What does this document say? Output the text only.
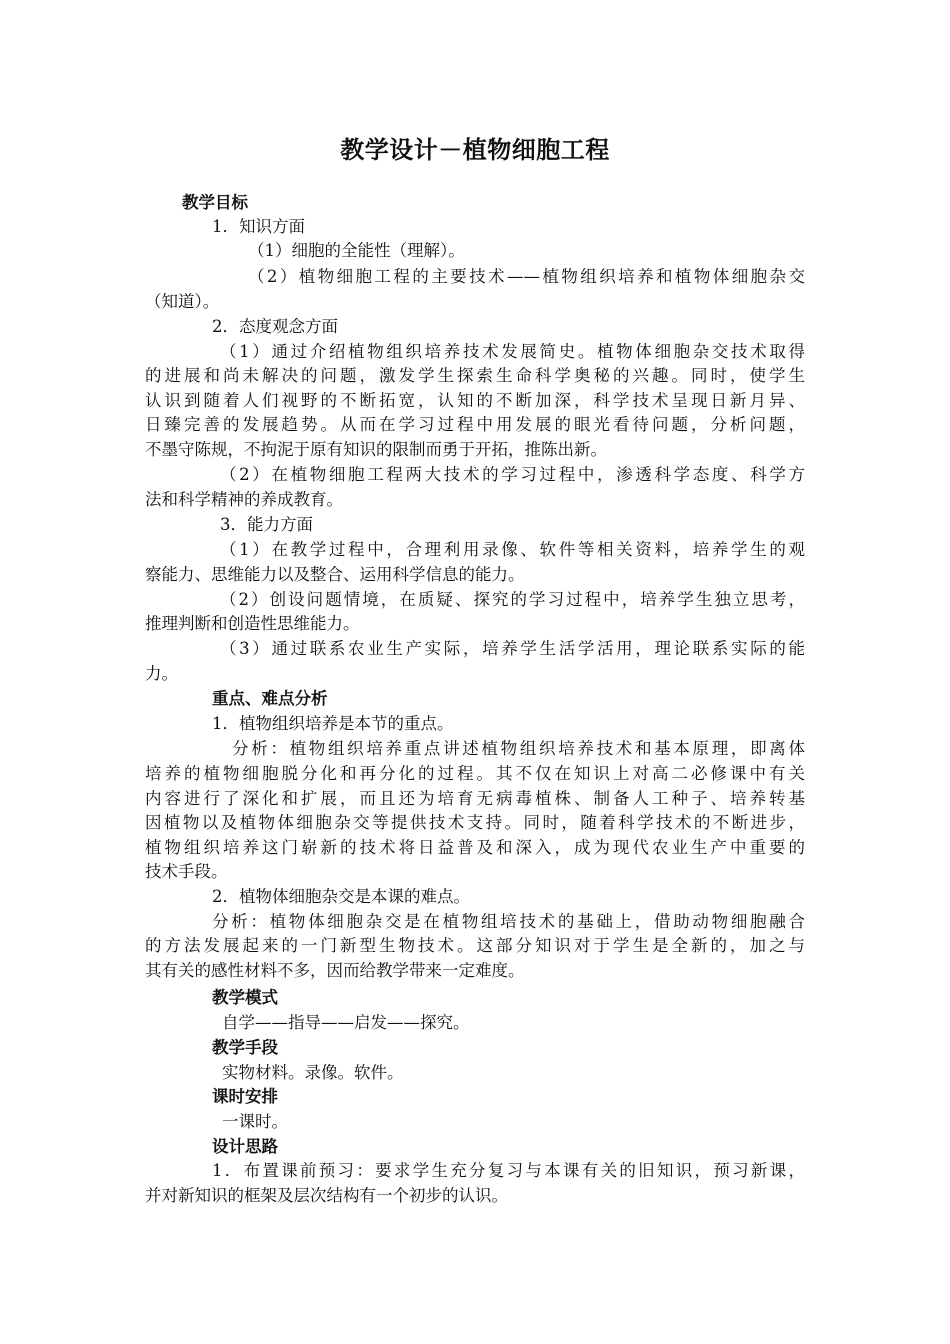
教学设计－植物细胞工程
教学目标
1．知识方面
（1）细胞的全能性（理解）。
（2）植物细胞工程的主要技术——植物组织培养和植物体细胞杂交
（知道）。
2．态度观念方面
（1）通过介绍植物组织培养技术发展简史。植物体细胞杂交技术取得
的进展和尚未解决的问题，激发学生探索生命科学奥秘的兴趣。同时，使学生
认识到随着人们视野的不断拓宽，认知的不断加深，科学技术呈现日新月异、
日臻完善的发展趋势。从而在学习过程中用发展的眼光看待问题，分析问题，
不墨守陈规，不拘泥于原有知识的限制而勇于开拓，推陈出新。
（2）在植物细胞工程两大技术的学习过程中，渗透科学态度、科学方
法和科学精神的养成教育。
3．能力方面
（1）在教学过程中，合理利用录像、软件等相关资料，培养学生的观
察能力、思维能力以及整合、运用科学信息的能力。
（2）创设问题情境，在质疑、探究的学习过程中，培养学生独立思考，
推理判断和创造性思维能力。
（3）通过联系农业生产实际，培养学生活学活用，理论联系实际的能
力。
重点、难点分析
1．植物组织培养是本节的重点。
分析：植物组织培养重点讲述植物组织培养技术和基本原理，即离体
培养的植物细胞脱分化和再分化的过程。其不仅在知识上对高二必修课中有关
内容进行了深化和扩展，而且还为培育无病毒植株、制备人工种子、培养转基
因植物以及植物体细胞杂交等提供技术支持。同时，随着科学技术的不断进步，
植物组织培养这门崭新的技术将日益普及和深入，成为现代农业生产中重要的
技术手段。
2．植物体细胞杂交是本课的难点。
分析：植物体细胞杂交是在植物组培技术的基础上，借助动物细胞融合
的方法发展起来的一门新型生物技术。这部分知识对于学生是全新的，加之与
其有关的感性材料不多，因而给教学带来一定难度。
教学模式
自学——指导——启发——探究。
教学手段
实物材料。录像。软件。
课时安排
一课时。
设计思路
1．布置课前预习：要求学生充分复习与本课有关的旧知识，预习新课，
并对新知识的框架及层次结构有一个初步的认识。
